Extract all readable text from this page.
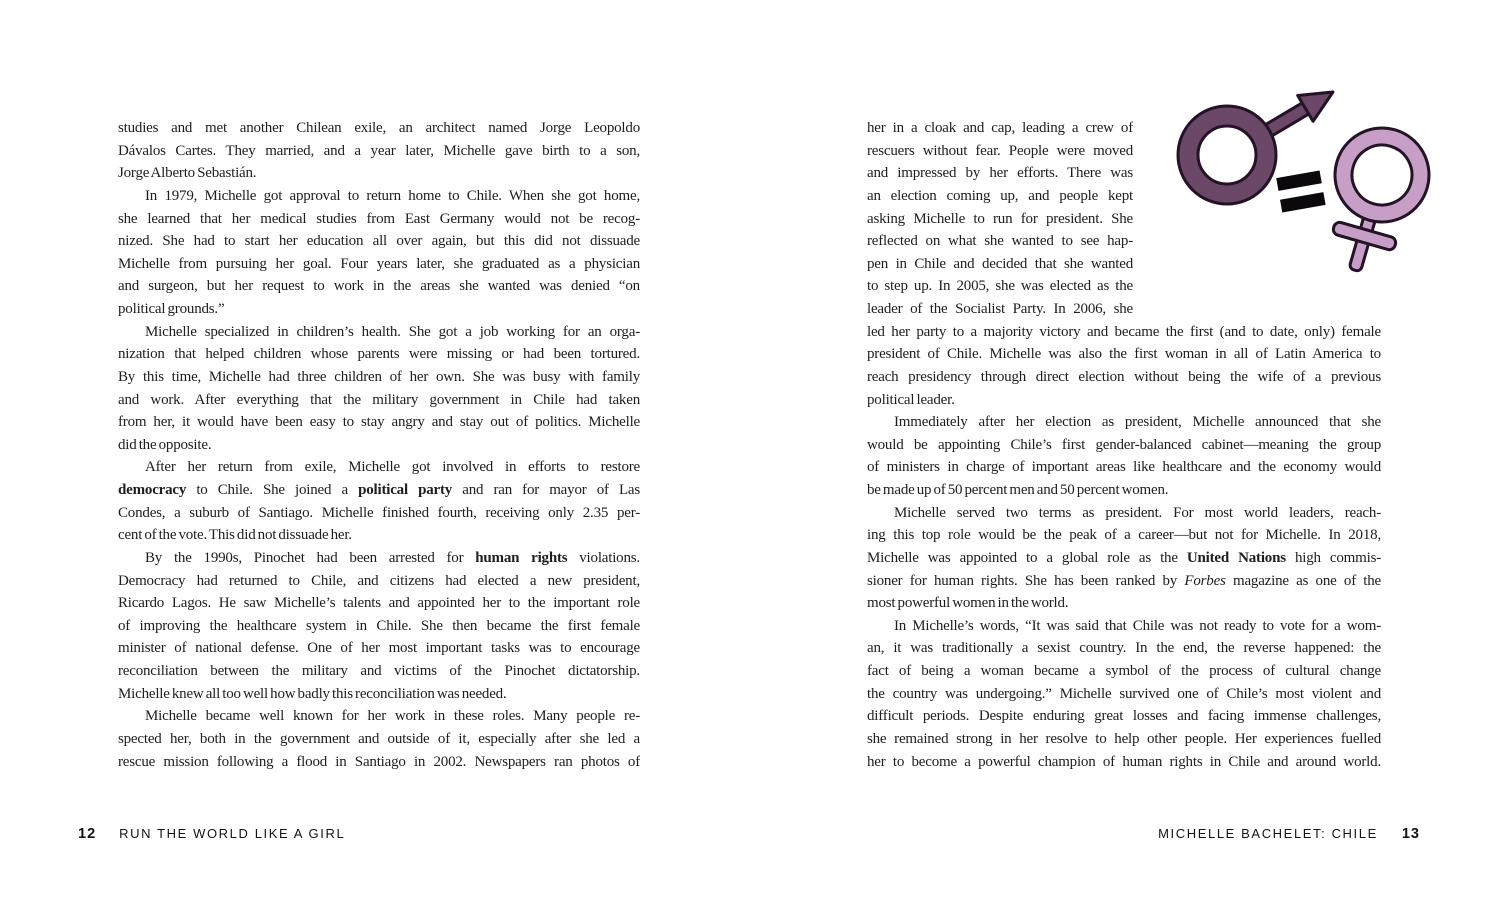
studies and met another Chilean exile, an architect named Jorge Leopoldo
Dávalos Cartes. They married, and a year later, Michelle gave birth to a son,
Jorge Alberto Sebastián.
In 1979, Michelle got approval to return home to Chile. When she got home,
she learned that her medical studies from East Germany would not be recog-
nized. She had to start her education all over again, but this did not dissuade
Michelle from pursuing her goal. Four years later, she graduated as a physician
and surgeon, but her request to work in the areas she wanted was denied “on
political grounds.”
Michelle specialized in children’s health. She got a job working for an orga-
nization that helped children whose parents were missing or had been tortured.
By this time, Michelle had three children of her own. She was busy with family
and work. After everything that the military government in Chile had taken
from her, it would have been easy to stay angry and stay out of politics. Michelle
did the opposite.
After her return from exile, Michelle got involved in efforts to restore
democracy to Chile. She joined a political party and ran for mayor of Las
Condes, a suburb of Santiago. Michelle finished fourth, receiving only 2.35 per-
cent of the vote. This did not dissuade her.
By the 1990s, Pinochet had been arrested for human rights violations.
Democracy had returned to Chile, and citizens had elected a new president,
Ricardo Lagos. He saw Michelle’s talents and appointed her to the important role
of improving the healthcare system in Chile. She then became the first female
minister of national defense. One of her most important tasks was to encourage
reconciliation between the military and victims of the Pinochet dictatorship.
Michelle knew all too well how badly this reconciliation was needed.
Michelle became well known for her work in these roles. Many people re-
spected her, both in the government and outside of it, especially after she led a
rescue mission following a flood in Santiago in 2002. Newspapers ran photos of
12 RUN THE WORLD LIKE A GIRL
her in a cloak and cap, leading a crew of
rescuers without fear. People were moved
and impressed by her efforts. There was
an election coming up, and people kept
asking Michelle to run for president. She
reflected on what she wanted to see hap-
pen in Chile and decided that she wanted
to step up. In 2005, she was elected as the
leader of the Socialist Party. In 2006, she
led her party to a majority victory and became the first (and to date, only) female
president of Chile. Michelle was also the first woman in all of Latin America to
reach presidency through direct election without being the wife of a previous
political leader.
Immediately after her election as president, Michelle announced that she
would be appointing Chile’s first gender-balanced cabinet—meaning the group
of ministers in charge of important areas like healthcare and the economy would
be made up of 50 percent men and 50 percent women.
Michelle served two terms as president. For most world leaders, reach-
ing this top role would be the peak of a career—but not for Michelle. In 2018,
Michelle was appointed to a global role as the United Nations high commis-
sioner for human rights. She has been ranked by Forbes magazine as one of the
most powerful women in the world.
In Michelle’s words, “It was said that Chile was not ready to vote for a wom-
an, it was traditionally a sexist country. In the end, the reverse happened: the
fact of being a woman became a symbol of the process of cultural change
the country was undergoing.” Michelle survived one of Chile’s most violent and
difficult periods. Despite enduring great losses and facing immense challenges,
she remained strong in her resolve to help other people. Her experiences fuelled
her to become a powerful champion of human rights in Chile and around world.
MICHELLE BACHELET: CHILE 13
